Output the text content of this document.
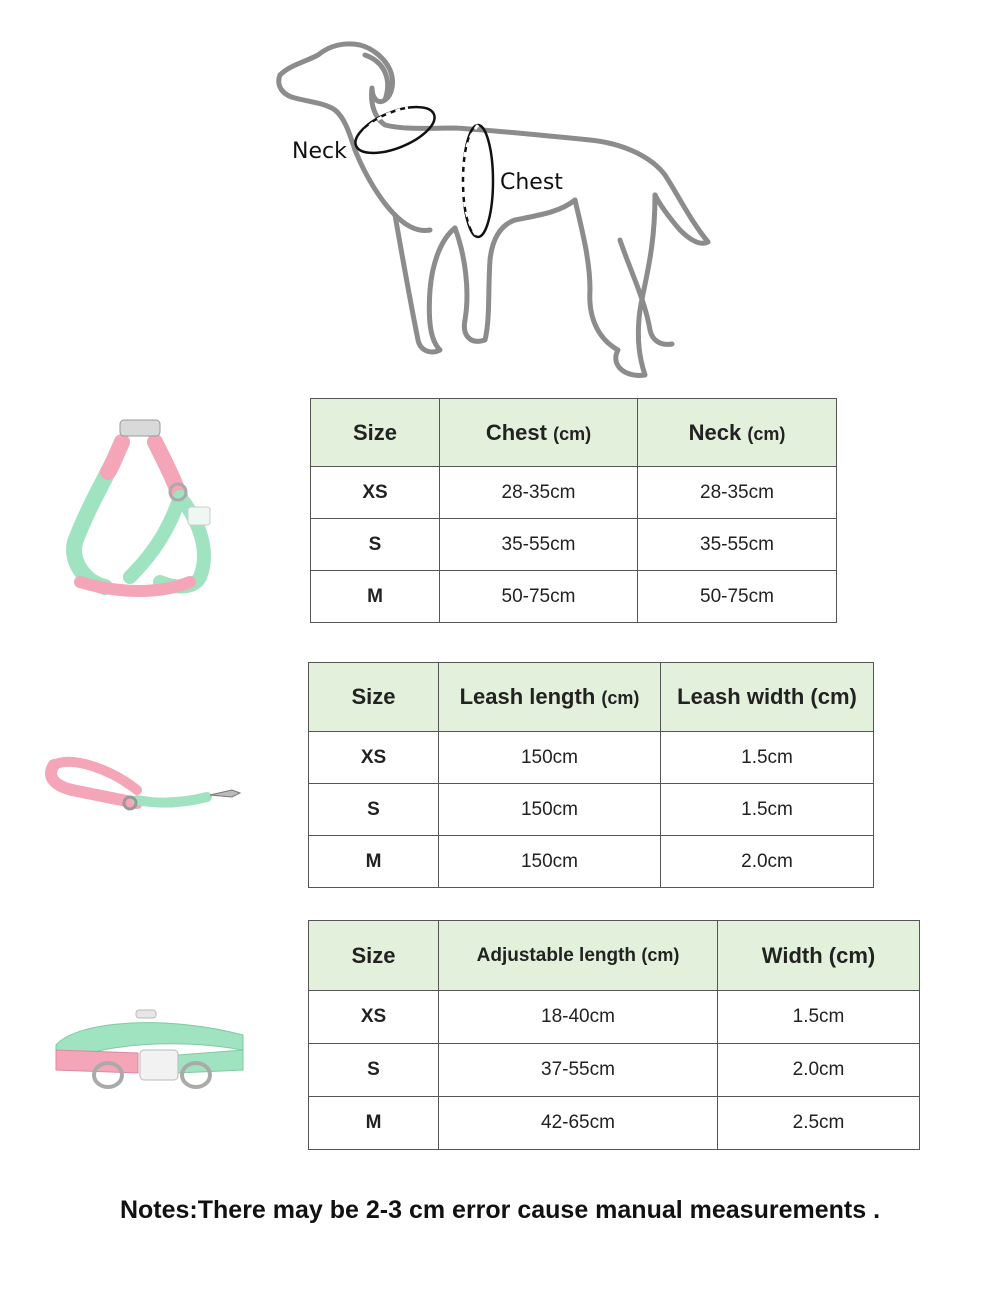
Neck
Chest
Size	Chest (cm)	Neck (cm)
XS	28-35cm	28-35cm
S	35-55cm	35-55cm
M	50-75cm	50-75cm
Size	Leash length (cm)	Leash width (cm)
XS	150cm	1.5cm
S	150cm	1.5cm
M	150cm	2.0cm
Size	Adjustable length (cm)	Width (cm)
XS	18-40cm	1.5cm
S	37-55cm	2.0cm
M	42-65cm	2.5cm
Notes:There may be 2-3 cm error cause manual measurements .
